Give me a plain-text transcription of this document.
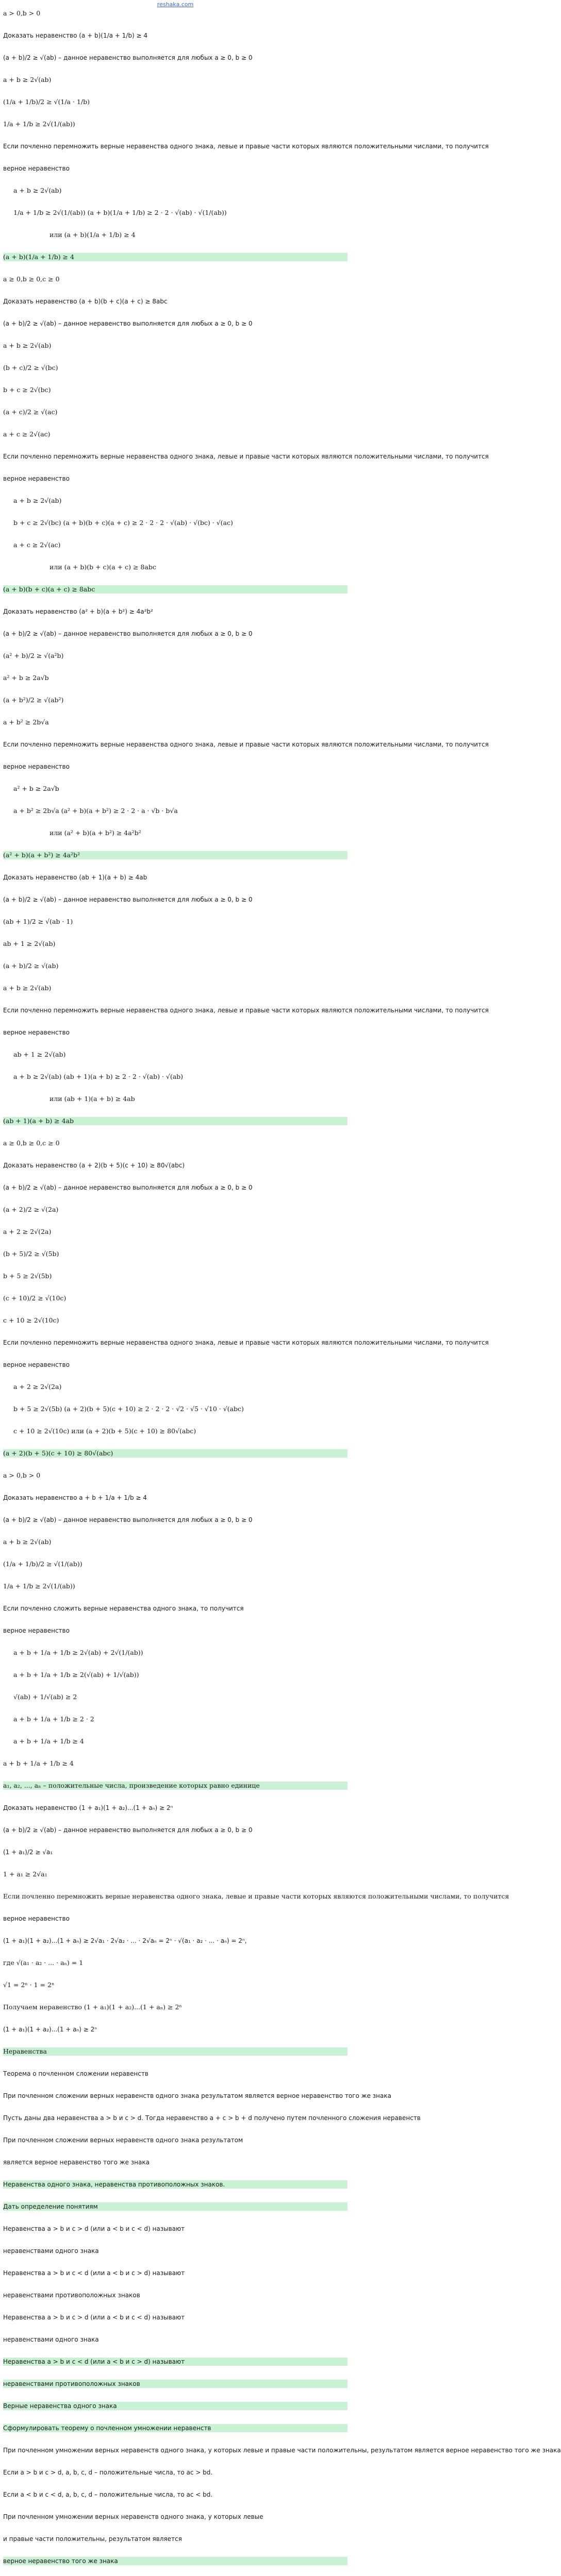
reshaka.com
a > 0,b > 0
Доказать неравенство (a + b)(1/a + 1/b) ≥ 4
(a + b)/2 ≥ √(ab) – данное неравенство выполняется для любых a ≥ 0, b ≥ 0
a + b ≥ 2√(ab)
(1/a + 1/b)/2 ≥ √(1/a · 1/b)
1/a + 1/b ≥ 2√(1/(ab))
Если почленно перемножить верные неравенства одного знака, левые и правые части которых являются положительными числами, то получится
верное неравенство
a + b ≥ 2√(ab)
1/a + 1/b ≥ 2√(1/(ab)) (a + b)(1/a + 1/b) ≥ 2 · 2 · √(ab) · √(1/(ab))
или (a + b)(1/a + 1/b) ≥ 4
(a + b)(1/a + 1/b) ≥ 4
a ≥ 0,b ≥ 0,c ≥ 0
Доказать неравенство (a + b)(b + c)(a + c) ≥ 8abc
(a + b)/2 ≥ √(ab) – данное неравенство выполняется для любых a ≥ 0, b ≥ 0
a + b ≥ 2√(ab)
(b + c)/2 ≥ √(bc)
b + c ≥ 2√(bc)
(a + c)/2 ≥ √(ac)
a + c ≥ 2√(ac)
Если почленно перемножить верные неравенства одного знака, левые и правые части которых являются положительными числами, то получится
верное неравенство
a + b ≥ 2√(ab)
b + c ≥ 2√(bc) (a + b)(b + c)(a + c) ≥ 2 · 2 · 2 · √(ab) · √(bc) · √(ac)
a + c ≥ 2√(ac)
или (a + b)(b + c)(a + c) ≥ 8abc
(a + b)(b + c)(a + c) ≥ 8abc
Доказать неравенство (a² + b)(a + b²) ≥ 4a²b²
(a + b)/2 ≥ √(ab) – данное неравенство выполняется для любых a ≥ 0, b ≥ 0
(a² + b)/2 ≥ √(a²b)
a² + b ≥ 2a√b
(a + b²)/2 ≥ √(ab²)
a + b² ≥ 2b√a
Если почленно перемножить верные неравенства одного знака, левые и правые части которых являются положительными числами, то получится
верное неравенство
a² + b ≥ 2a√b
a + b² ≥ 2b√a (a² + b)(a + b²) ≥ 2 · 2 · a · √b · b√a
или (a² + b)(a + b²) ≥ 4a²b²
(a² + b)(a + b²) ≥ 4a²b²
Доказать неравенство (ab + 1)(a + b) ≥ 4ab
(a + b)/2 ≥ √(ab) – данное неравенство выполняется для любых a ≥ 0, b ≥ 0
(ab + 1)/2 ≥ √(ab · 1)
ab + 1 ≥ 2√(ab)
(a + b)/2 ≥ √(ab)
a + b ≥ 2√(ab)
Если почленно перемножить верные неравенства одного знака, левые и правые части которых являются положительными числами, то получится
верное неравенство
ab + 1 ≥ 2√(ab)
a + b ≥ 2√(ab) (ab + 1)(a + b) ≥ 2 · 2 · √(ab) · √(ab)
или (ab + 1)(a + b) ≥ 4ab
(ab + 1)(a + b) ≥ 4ab
a ≥ 0,b ≥ 0,c ≥ 0
Доказать неравенство (a + 2)(b + 5)(c + 10) ≥ 80√(abc)
(a + b)/2 ≥ √(ab) – данное неравенство выполняется для любых a ≥ 0, b ≥ 0
(a + 2)/2 ≥ √(2a)
a + 2 ≥ 2√(2a)
(b + 5)/2 ≥ √(5b)
b + 5 ≥ 2√(5b)
(c + 10)/2 ≥ √(10c)
c + 10 ≥ 2√(10c)
Если почленно перемножить верные неравенства одного знака, левые и правые части которых являются положительными числами, то получится
верное неравенство
a + 2 ≥ 2√(2a)
b + 5 ≥ 2√(5b) (a + 2)(b + 5)(c + 10) ≥ 2 · 2 · 2 · √2 · √5 · √10 · √(abc)
c + 10 ≥ 2√(10c) или (a + 2)(b + 5)(c + 10) ≥ 80√(abc)
(a + 2)(b + 5)(c + 10) ≥ 80√(abc)
a > 0,b > 0
Доказать неравенство a + b + 1/a + 1/b ≥ 4
(a + b)/2 ≥ √(ab) – данное неравенство выполняется для любых a ≥ 0, b ≥ 0
a + b ≥ 2√(ab)
(1/a + 1/b)/2 ≥ √(1/(ab))
1/a + 1/b ≥ 2√(1/(ab))
Если почленно сложить верные неравенства одного знака, то получится
верное неравенство
a + b + 1/a + 1/b ≥ 2√(ab) + 2√(1/(ab))
a + b + 1/a + 1/b ≥ 2(√(ab) + 1/√(ab))
√(ab) + 1/√(ab) ≥ 2
a + b + 1/a + 1/b ≥ 2 · 2
a + b + 1/a + 1/b ≥ 4
a + b + 1/a + 1/b ≥ 4
a₁, a₂, ..., aₙ – положительные числа, произведение которых равно единице
Доказать неравенство (1 + a₁)(1 + a₂)...(1 + aₙ) ≥ 2ⁿ
(a + b)/2 ≥ √(ab) – данное неравенство выполняется для любых a ≥ 0, b ≥ 0
(1 + a₁)/2 ≥ √a₁
1 + a₁ ≥ 2√a₁
Если почленно перемножить верные неравенства одного знака, левые и правые части которых являются положительными числами, то получится
верное неравенство
(1 + a₁)(1 + a₂)...(1 + aₙ) ≥ 2√a₁ · 2√a₂ · ... · 2√aₙ = 2ⁿ · √(a₁ · a₂ · ... · aₙ) = 2ⁿ,
где √(a₁ · a₂ · ... · aₙ) = 1
√1 = 2ⁿ · 1 = 2ⁿ
Получаем неравенство (1 + a₁)(1 + a₂)...(1 + aₙ) ≥ 2ⁿ
(1 + a₁)(1 + a₂)...(1 + aₙ) ≥ 2ⁿ
Неравенства
Теорема о почленном сложении неравенств
При почленном сложении верных неравенств одного знака результатом является верное неравенство того же знака
Пусть даны два неравенства a > b и c > d. Тогда неравенство a + c > b + d получено путем почленного сложения неравенств
При почленном сложении верных неравенств одного знака результатом
является верное неравенство того же знака
Неравенства одного знака, неравенства противоположных знаков.
Дать определение понятиям
Неравенства a > b и c > d (или a < b и c < d) называют
неравенствами одного знака
Неравенства a > b и c < d (или a < b и c > d) называют
неравенствами противоположных знаков
Неравенства a > b и c > d (или a < b и c < d) называют
неравенствами одного знака
Неравенства a > b и c < d (или a < b и c > d) называют
неравенствами противоположных знаков
Верные неравенства одного знака
Сформулировать теорему о почленном умножении неравенств
При почленном умножении верных неравенств одного знака, у которых левые и правые части положительны, результатом является верное неравенство того же знака
Если a > b и c > d, a, b, c, d – положительные числа, то ac > bd.
Если a < b и c < d, a, b, c, d – положительные числа, то ac < bd.
При почленном умножении верных неравенств одного знака, у которых левые
и правые части положительны, результатом является
верное неравенство того же знака
